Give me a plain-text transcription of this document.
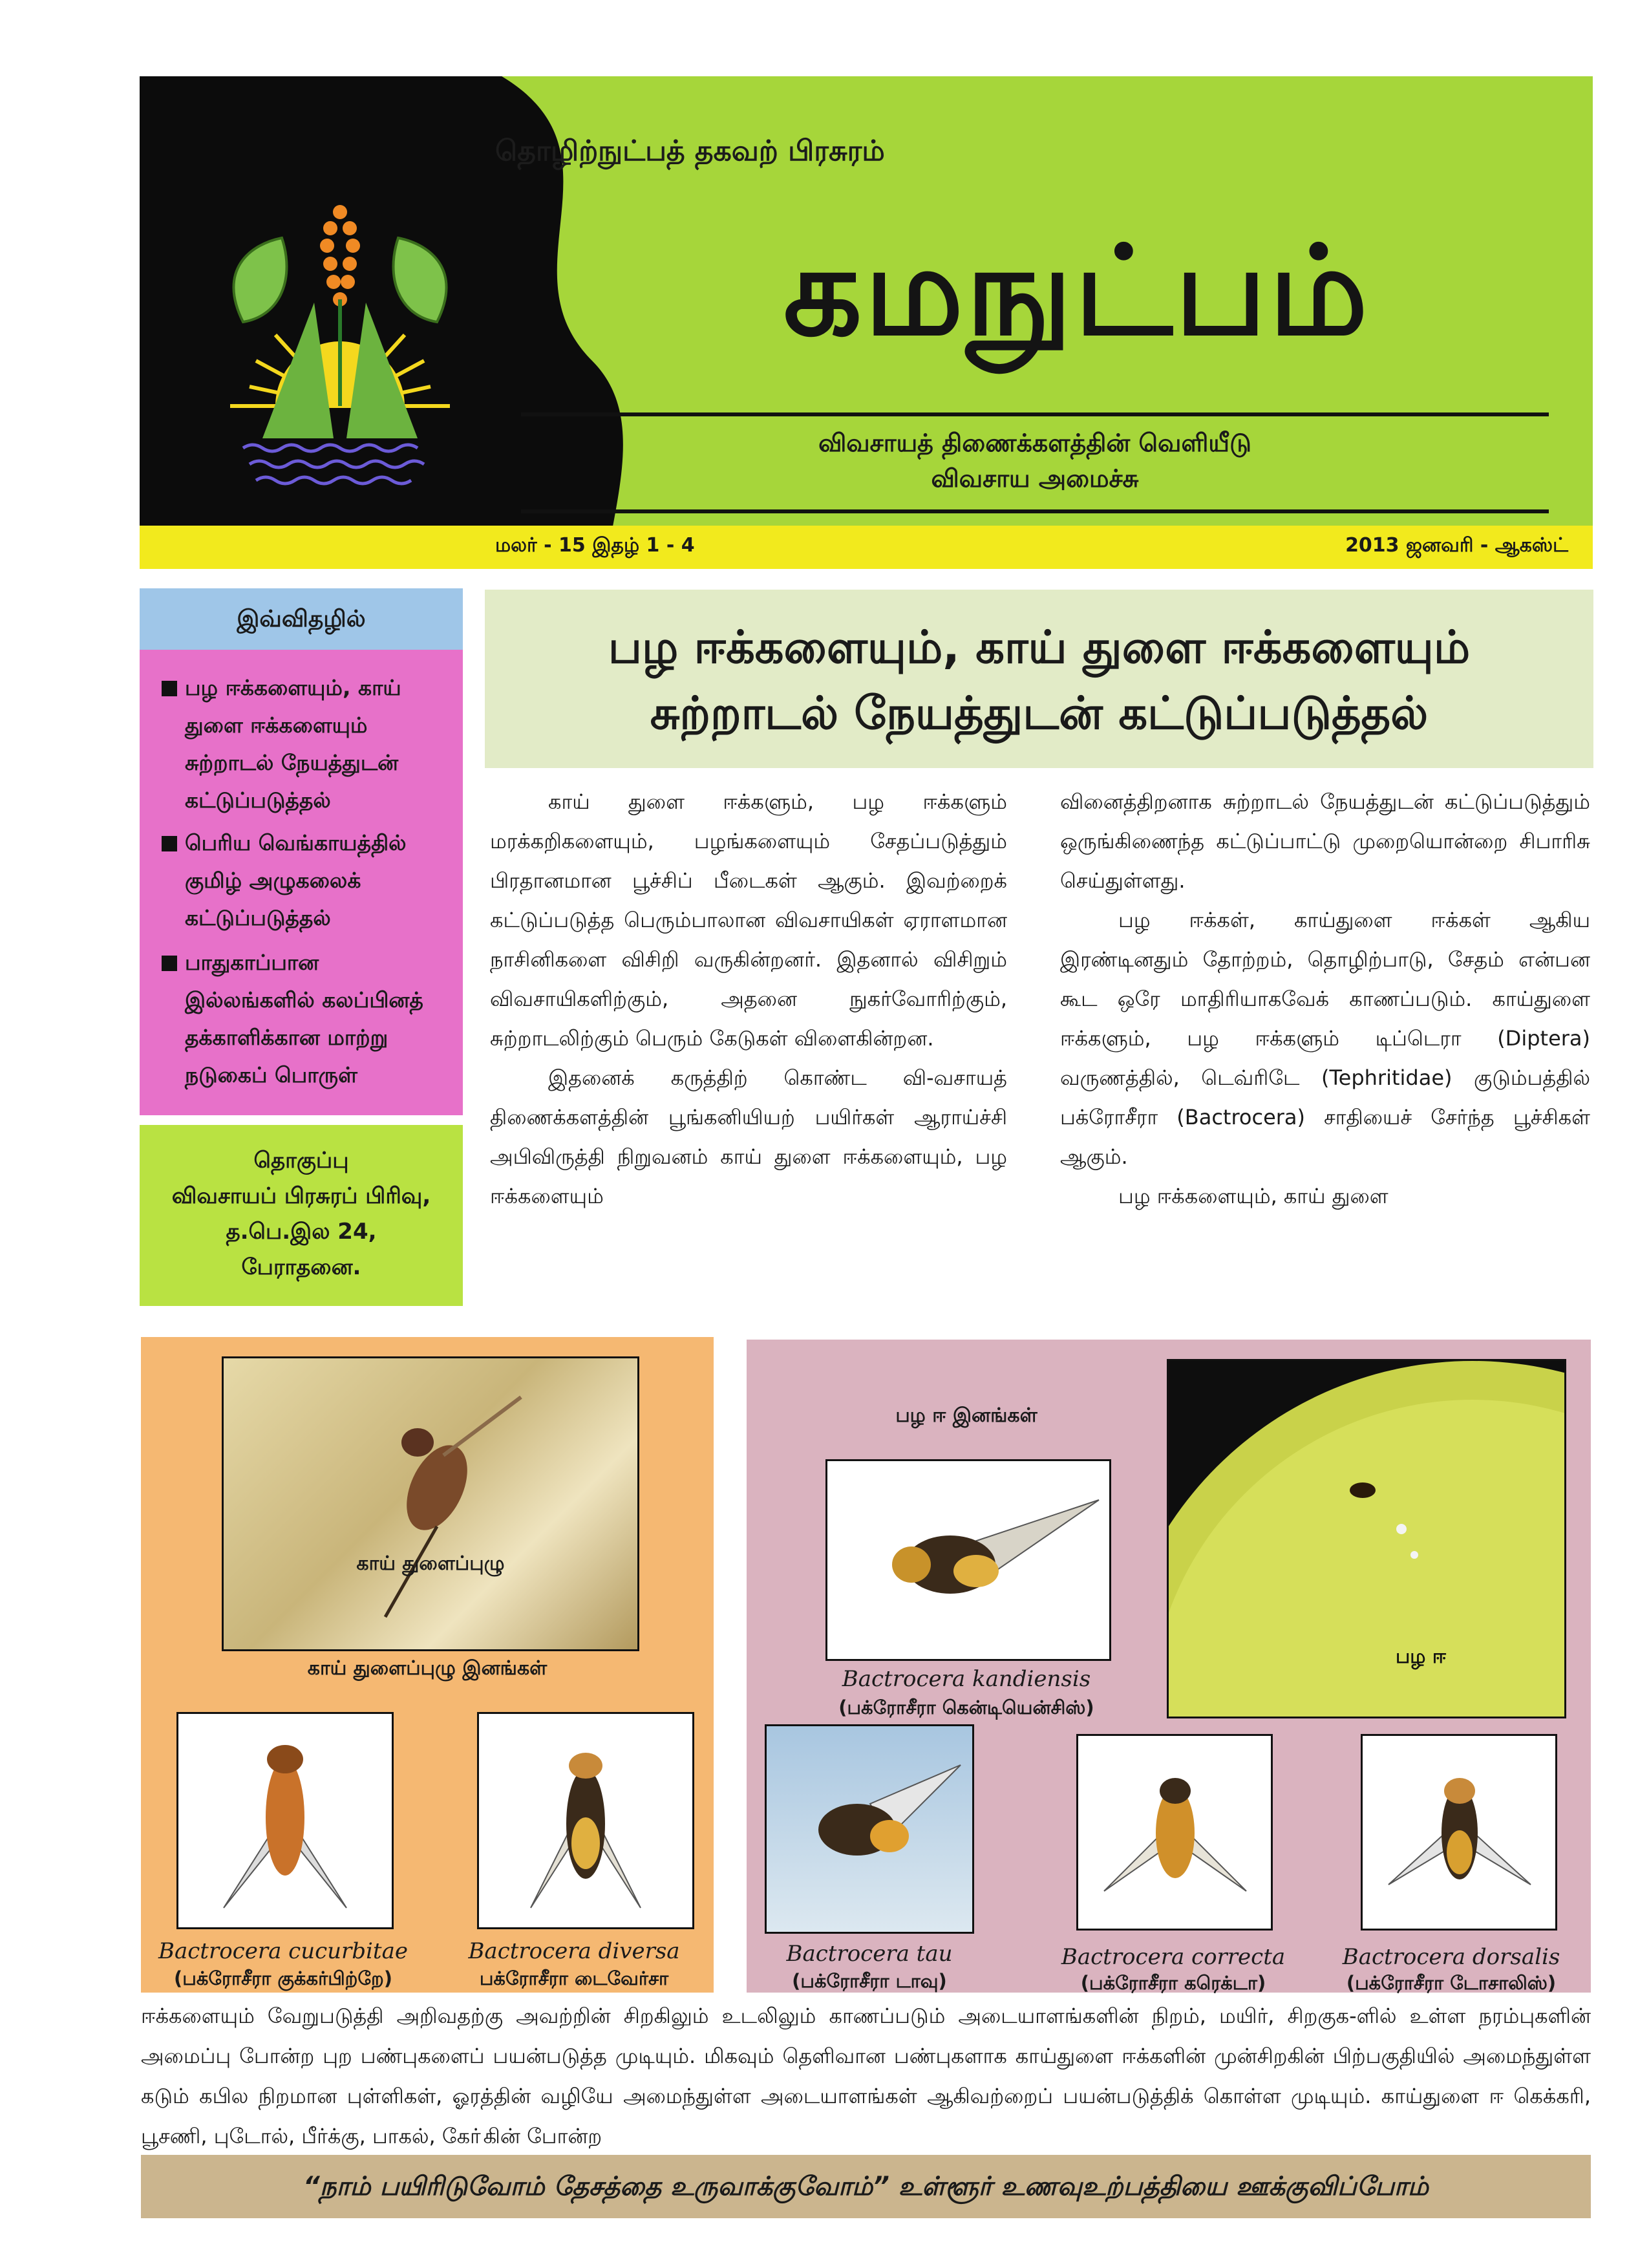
தொழிற்நுட்பத் தகவற் பிரசுரம்
கமநுட்பம்
விவசாயத் திணைக்களத்தின் வெளியீடு
விவசாய அமைச்சு
மலர் - 15 இதழ் 1 - 4	2013 ஜனவரி - ஆகஸ்ட்
இவ்விதழில்
பழ ஈக்களையும், காய் துளை ஈக்களையும் சுற்றாடல் நேயத்துடன் கட்டுப்படுத்தல்
பெரிய வெங்காயத்தில் குமிழ் அழுகலைக் கட்டுப்படுத்தல்
பாதுகாப்பான இல்லங்களில் கலப்பினத் தக்காளிக்கான மாற்று நடுகைப் பொருள்
தொகுப்பு
விவசாயப் பிரசுரப் பிரிவு,
த.பெ.இல 24,
பேராதனை.
பழ ஈக்களையும், காய் துளை ஈக்களையும்
சுற்றாடல் நேயத்துடன் கட்டுப்படுத்தல்

காய் துளை ஈக்களும், பழ ஈக்களும் மரக்கறிகளையும், பழங்களையும் சேதப்படுத்தும் பிரதானமான பூச்சிப் பீடைகள் ஆகும். இவற்றைக் கட்டுப்படுத்த பெரும்பாலான விவசாயிகள் ஏராளமான நாசினிகளை விசிறி வருகின்றனர். இதனால் விசிறும் விவசாயிகளிற்கும், அதனை நுகர்வோரிற்கும், சுற்றாடலிற்கும் பெரும் கேடுகள் விளைகின்றன.

இதனைக் கருத்திற் கொண்ட வி-வசாயத் திணைக்களத்தின் பூங்கனியியற் பயிர்கள் ஆராய்ச்சி அபிவிருத்தி நிறுவனம் காய் துளை ஈக்களையும், பழ ஈக்களையும்

வினைத்திறனாக சுற்றாடல் நேயத்துடன் கட்டுப்படுத்தும் ஒருங்கிணைந்த கட்டுப்பாட்டு முறையொன்றை சிபாரிசு செய்துள்ளது.

பழ ஈக்கள், காய்துளை ஈக்கள் ஆகிய இரண்டினதும் தோற்றம், தொழிற்பாடு, சேதம் என்பன கூட ஒரே மாதிரியாகவேக் காணப்படும். காய்துளை ஈக்களும், பழ ஈக்களும் டிப்டெரா (Diptera) வருணத்தில், டெவ்ரிடே (Tephritidae) குடும்பத்தில் பக்ரோசீரா (Bactrocera) சாதியைச் சேர்ந்த பூச்சிகள் ஆகும்.

பழ ஈக்களையும், காய் துளை

காய் துளைப்புழு
காய் துளைப்புழு இனங்கள்
Bactrocera cucurbitae
(பக்ரோசீரா குக்கர்பிற்றே)
Bactrocera diversa
பக்ரோசீரா டைவேர்சா
பழ ஈ இனங்கள்
Bactrocera kandiensis
(பக்ரோசீரா கென்டியென்சிஸ்)
பழ ஈ
Bactrocera tau
(பக்ரோசீரா டாவு)
Bactrocera correcta
(பக்ரோசீரா கரெக்டா)
Bactrocera dorsalis
(பக்ரோசீரா டோசாலிஸ்)

ஈக்களையும் வேறுபடுத்தி அறிவதற்கு அவற்றின் சிறகிலும் உடலிலும் காணப்படும் அடையாளங்களின் நிறம், மயிர், சிறகுக-ளில் உள்ள நரம்புகளின் அமைப்பு போன்ற புற பண்புகளைப் பயன்படுத்த முடியும். மிகவும் தெளிவான பண்புகளாக காய்துளை ஈக்களின் முன்சிறகின் பிற்பகுதியில் அமைந்துள்ள கடும் கபில நிறமான புள்ளிகள், ஓரத்தின் வழியே அமைந்துள்ள அடையாளங்கள் ஆகிவற்றைப் பயன்படுத்திக் கொள்ள முடியும். காய்துளை ஈ கெக்கரி, பூசணி, புடோல், பீர்க்கு, பாகல், கோ்கின் போன்ற

“நாம் பயிரிடுவோம் தேசத்தை உருவாக்குவோம்” உள்ளூர் உணவுஉற்பத்தியை ஊக்குவிப்போம்
